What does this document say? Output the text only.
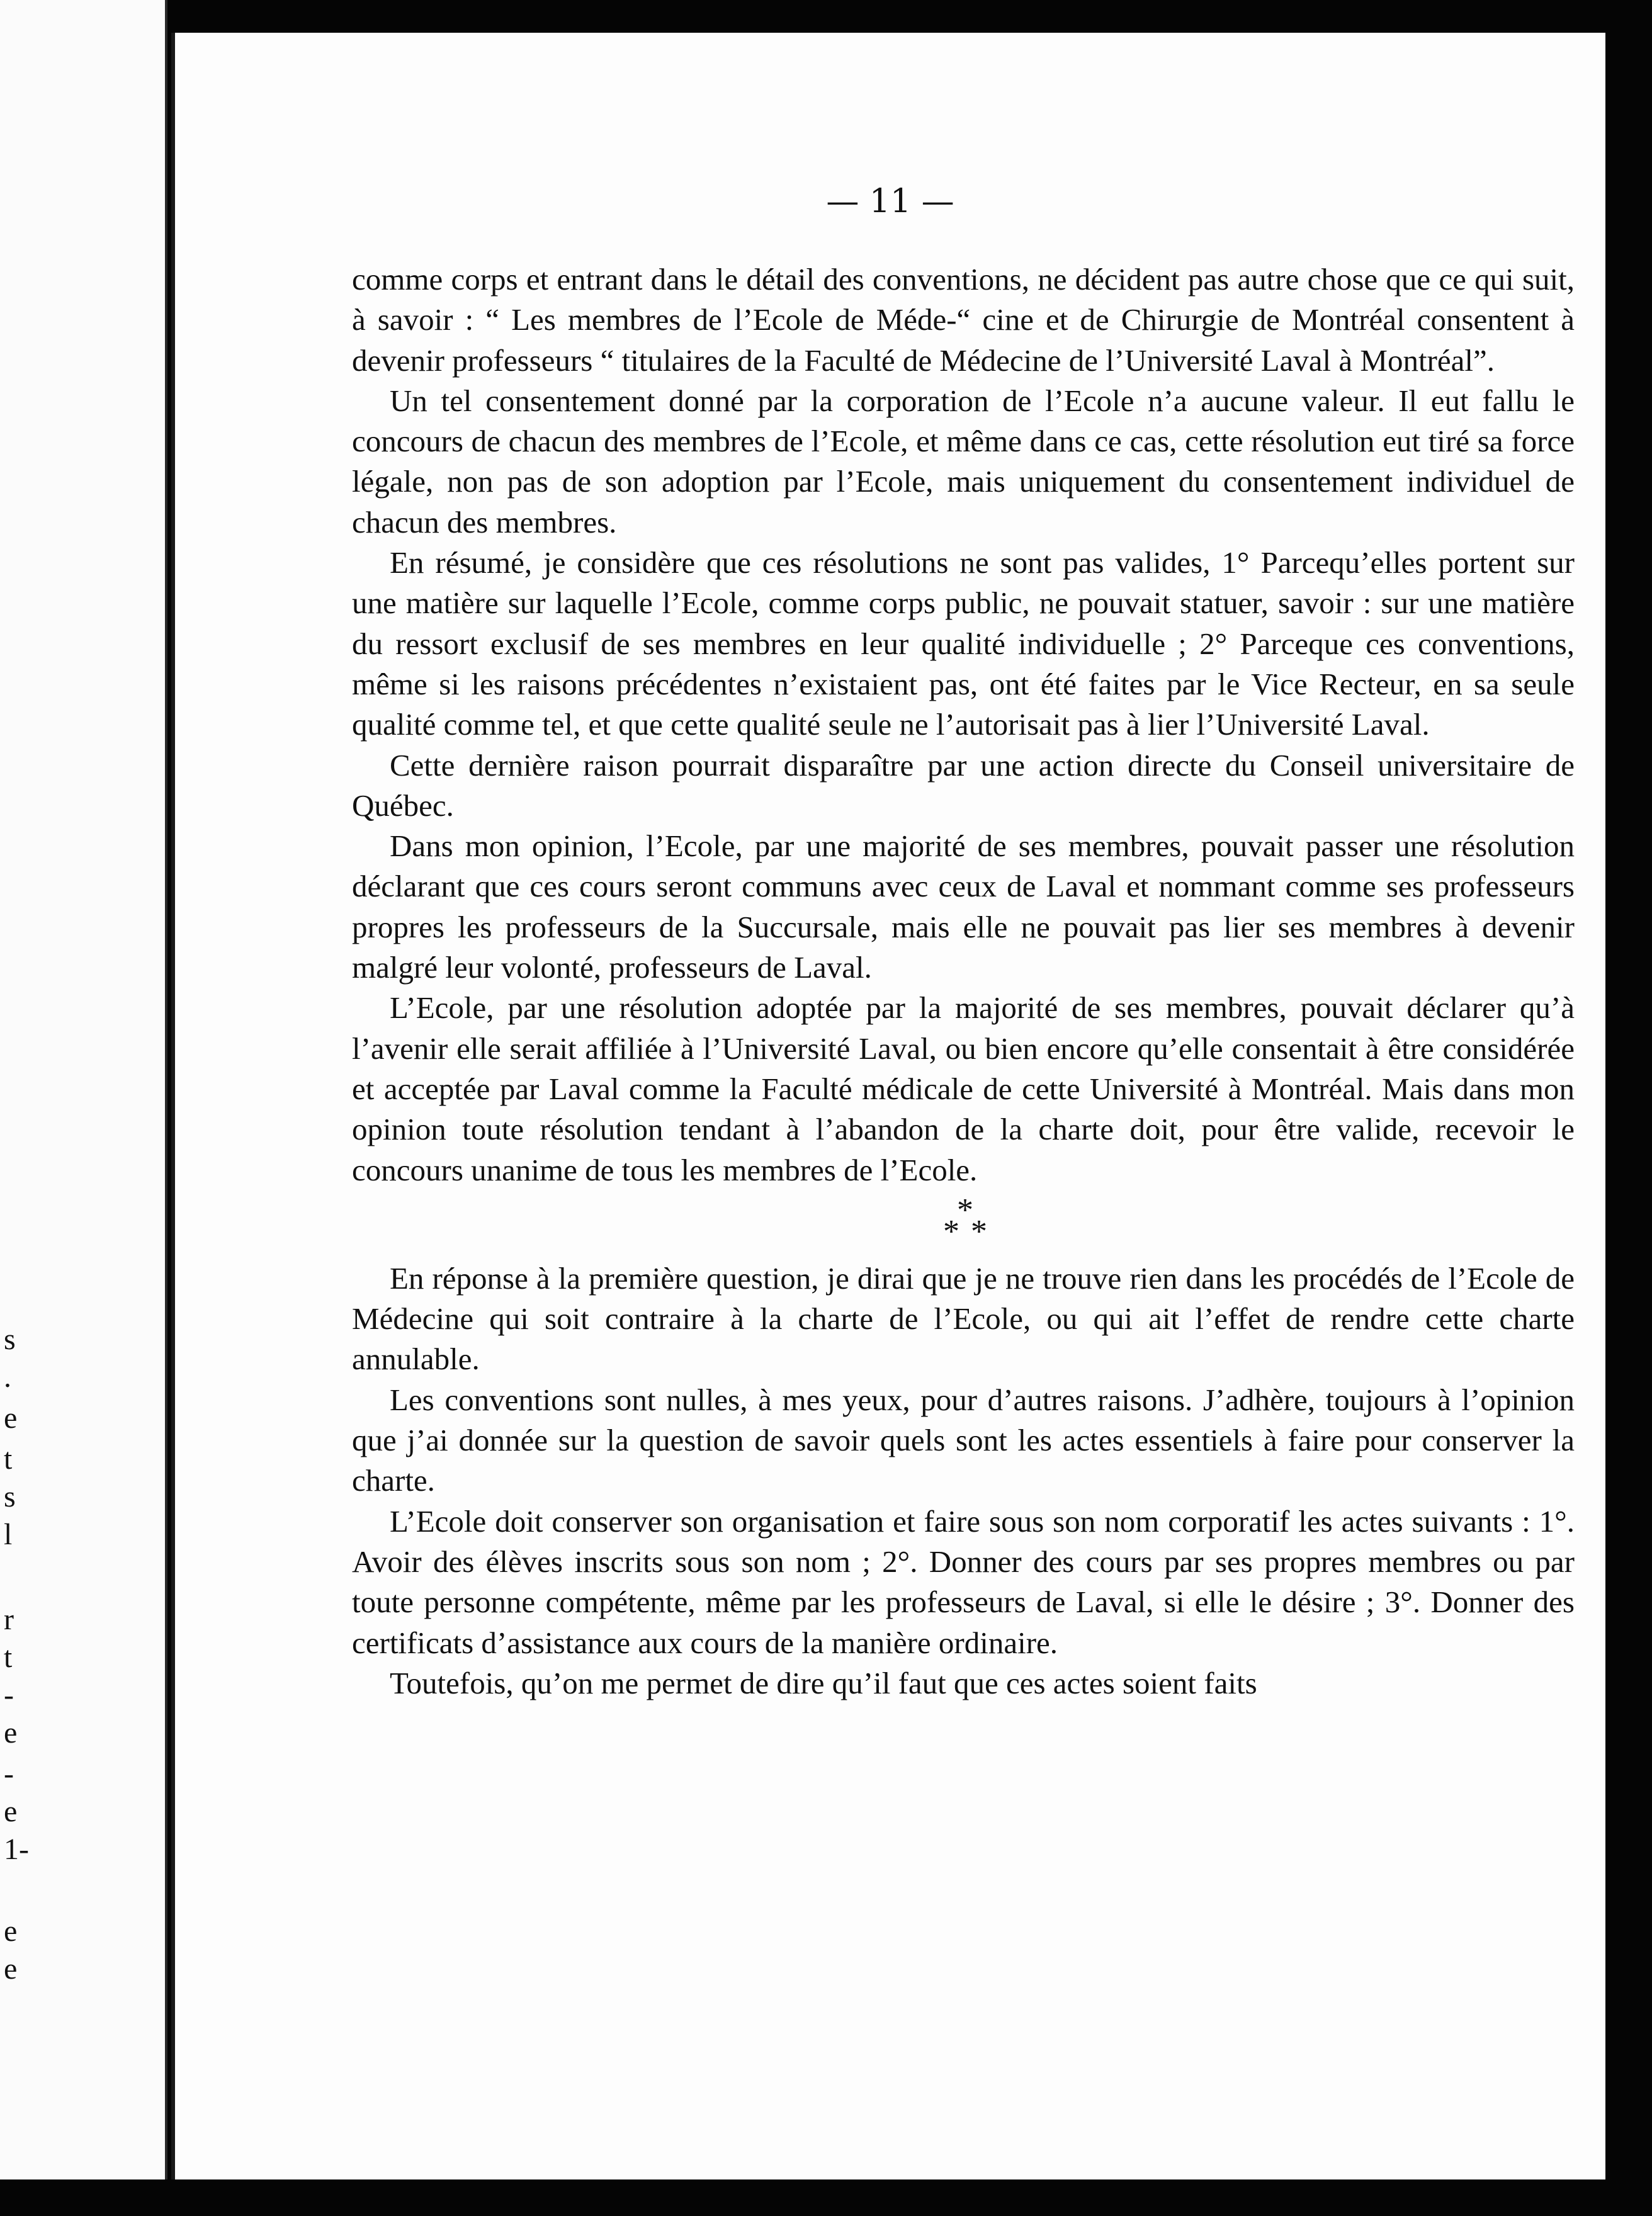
s
.
e
t
s
l
r
t
-
e
-
e
1-
e
e
— 11 —

comme corps et entrant dans le détail des conventions, ne décident pas autre chose que ce qui suit, à savoir : “ Les membres de l’Ecole de Méde-“ cine et de Chirurgie de Montréal consentent à devenir professeurs “ titulaires de la Faculté de Médecine de l’Université Laval à Montréal”.

Un tel consentement donné par la corporation de l’Ecole n’a aucune valeur. Il eut fallu le concours de chacun des membres de l’Ecole, et même dans ce cas, cette résolution eut tiré sa force légale, non pas de son adoption par l’Ecole, mais uniquement du consentement individuel de chacun des membres.

En résumé, je considère que ces résolutions ne sont pas valides, 1° Parcequ’elles portent sur une matière sur laquelle l’Ecole, comme corps public, ne pouvait statuer, savoir : sur une matière du ressort exclusif de ses membres en leur qualité individuelle ; 2° Parceque ces conventions, même si les raisons précédentes n’existaient pas, ont été faites par le Vice Recteur, en sa seule qualité comme tel, et que cette qualité seule ne l’autorisait pas à lier l’Université Laval.

Cette dernière raison pourrait disparaître par une action directe du Conseil universitaire de Québec.

Dans mon opinion, l’Ecole, par une majorité de ses membres, pouvait passer une résolution déclarant que ces cours seront communs avec ceux de Laval et nommant comme ses professeurs propres les professeurs de la Succursale, mais elle ne pouvait pas lier ses membres à devenir malgré leur volonté, professeurs de Laval.

L’Ecole, par une résolution adoptée par la majorité de ses membres, pouvait déclarer qu’à l’avenir elle serait affiliée à l’Université Laval, ou bien encore qu’elle consentait à être considérée et acceptée par Laval comme la Faculté médicale de cette Université à Montréal. Mais dans mon opinion toute résolution tendant à l’abandon de la charte doit, pour être valide, recevoir le concours unanime de tous les membres de l’Ecole.

*
* *

En réponse à la première question, je dirai que je ne trouve rien dans les procédés de l’Ecole de Médecine qui soit contraire à la charte de l’Ecole, ou qui ait l’effet de rendre cette charte annulable.

Les conventions sont nulles, à mes yeux, pour d’autres raisons. J’adhère, toujours à l’opinion que j’ai donnée sur la question de savoir quels sont les actes essentiels à faire pour conserver la charte.

L’Ecole doit conserver son organisation et faire sous son nom corporatif les actes suivants : 1°. Avoir des élèves inscrits sous son nom ; 2°. Donner des cours par ses propres membres ou par toute personne compétente, même par les professeurs de Laval, si elle le désire ; 3°. Donner des certificats d’assistance aux cours de la manière ordinaire.

Toutefois, qu’on me permet de dire qu’il faut que ces actes soient faits
